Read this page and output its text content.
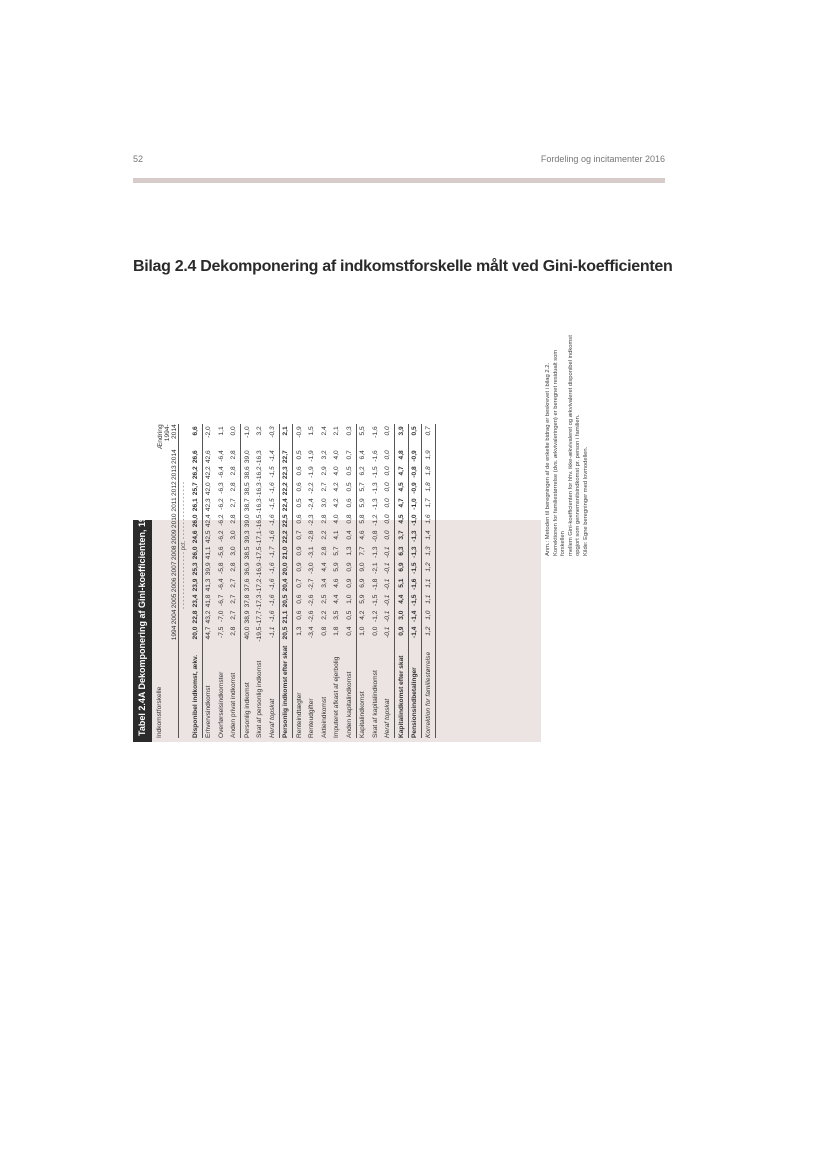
52	Fordeling og incitamenter 2016
Bilag 2.4 Dekomponering af indkomstforskelle målt ved Gini-koefficienten
Tabel 2.4A Dekomponering af Gini-koefficienten, 1994-2014	Indkomstforskelle	1994	2004	2005	2006	2007	2008	2009	2010	2011	2012	2013	2014	Ændring 1994-2014
	- - - - - - - - - - - - - - - - pct. - - - - - - - - - - - - - - - -												
Disponibel indkomst, ækv.	20,0	22,8	23,4	23,9	25,3	26,0	24,6	26,0	26,1	25,7	26,2	26,6	6,6
Erhvervsindkomst	44,7	43,2	41,8	41,3	39,9	41,1	42,5	42,4	42,3	42,0	42,2	42,6	-2,0
Overførselsindkomster	-7,5	-7,0	-6,7	-6,4	-5,8	-5,6	-6,2	-6,2	-6,2	-6,3	-6,4	-6,4	1,1
Anden privat indkomst	2,8	2,7	2,7	2,7	2,8	3,0	3,0	2,8	2,7	2,8	2,8	2,8	0,0
Personlig indkomst	40,0	38,9	37,8	37,6	36,9	38,5	39,3	39,0	38,7	38,5	38,6	39,0	-1,0
Skat af personlig indkomst	-19,5	-17,7	-17,3	-17,2	-16,9	-17,5	-17,1	-16,5	-16,3	-16,3	-16,2	-16,3	3,2
Heraf topskat	-1,1	-1,6	-1,6	-1,6	-1,6	-1,7	-1,6	-1,6	-1,5	-1,6	-1,5	-1,4	-0,3
Personlig indkomst efter skat	20,5	21,1	20,5	20,4	20,0	21,0	22,2	22,5	22,4	22,2	22,3	22,7	2,1
Renteindtægter	1,3	0,6	0,6	0,7	0,9	0,9	0,7	0,6	0,5	0,6	0,6	0,5	-0,9
Renteudgifter	-3,4	-2,6	-2,6	-2,7	-3,0	-3,1	-2,8	-2,3	-2,4	-2,2	-1,9	-1,9	1,5
Aktieindkomst	0,8	2,2	2,5	3,4	4,4	2,8	2,2	2,8	3,0	2,7	2,9	3,2	2,4
Imputeret afkast af ejerbolig	1,8	3,5	4,4	4,6	5,9	5,7	4,1	4,0	4,2	4,2	4,0	4,0	2,1
Anden kapitalindkomst	0,4	0,5	1,0	0,9	0,9	1,3	0,4	0,8	0,6	0,5	0,5	0,7	0,3
Kapitalindkomst	1,0	4,2	5,9	6,9	9,0	7,7	4,6	5,8	5,9	5,7	6,2	6,4	5,5
Skat af kapitalindkomst	0,0	-1,2	-1,5	-1,8	-2,1	-1,3	-0,8	-1,2	-1,3	-1,3	-1,5	-1,6	-1,6
Heraf topskat	-0,1	-0,1	-0,1	-0,1	-0,1	-0,1	0,0	0,0	0,0	0,0	0,0	0,0	0,0
Kapitalindkomst efter skat	0,9	3,0	4,4	5,1	6,9	6,3	3,7	4,5	4,7	4,5	4,7	4,8	3,9
Pensionsindbetalinger	-1,4	-1,4	-1,5	-1,6	-1,5	-1,3	-1,3	-1,0	-1,0	-0,9	-0,8	-0,9	0,5
Korrektion for familiestørrelse	1,2	1,0	1,1	1,1	1,2	1,3	1,4	1,6	1,7	1,8	1,8	1,9	0,7	Anm.: Metoden til beregningen af de enkelte bidrag er beskrevet i bilag 2.2. Korrektionen for familiestørrelse (dvs. ækvivaleringen) er beregnet residualt som forskellen mellem Gini-koefficienten for hhv. ikke-ækvivaleret og ækvivaleret disponibel indkomst opgjort som gennemsnitsindkomst pr. person i familien. Kilde: Egne beregninger med lovmodellen.
